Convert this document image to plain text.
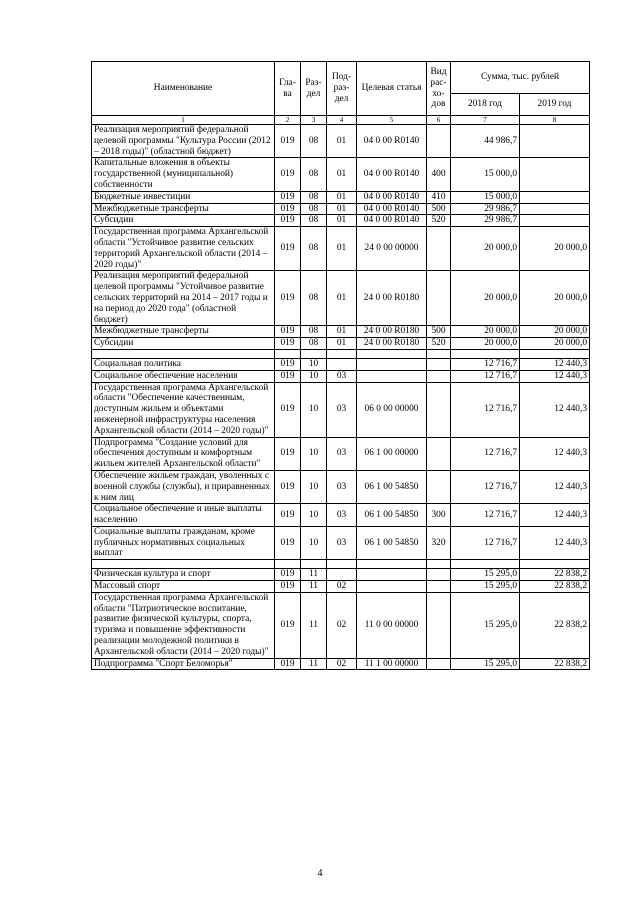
Наименование	Гла-ва	Раз-дел	Под-раз-дел	Целевая статья	Вид рас-хо-дов	Сумма, тыс. рублей	
						2018 год	2019 год
1	2	3	4	5	6	7	8
Реализация мероприятий федеральной целевой программы "Культура России (2012 – 2018 годы)" (областной бюджет)	019	08	01	04 0 00 R0140		44 986,7	
Капитальные вложения в объекты государственной (муниципальной) собственности	019	08	01	04 0 00 R0140	400	15 000,0	
Бюджетные инвестиции	019	08	01	04 0 00 R0140	410	15 000,0	
Межбюджетные трансферты	019	08	01	04 0 00 R0140	500	29 986,7	
Субсидии	019	08	01	04 0 00 R0140	520	29 986,7	
Государственная программа Архангельской области "Устойчивое развитие сельских территорий Архангельской области (2014 – 2020 годы)"	019	08	01	24 0 00 00000		20 000,0	20 000,0
Реализация мероприятий федеральной целевой программы "Устойчивое развитие сельских территорий на 2014 – 2017 годы и на период до 2020 года" (областной бюджет)	019	08	01	24 0 00 R0180		20 000,0	20 000,0
Межбюджетные трансферты	019	08	01	24 0 00 R0180	500	20 000,0	20 000,0
Субсидии	019	08	01	24 0 00 R0180	520	20 000,0	20 000,0

Социальная политика	019	10				12 716,7	12 440,3
Социальное обеспечение населения	019	10	03			12 716,7	12 440,3
Государственная программа Архангельской области "Обеспечение качественным, доступным жильем и объектами инженерной инфраструктуры населения Архангельской области (2014 – 2020 годы)"	019	10	03	06 0 00 00000		12 716,7	12 440,3
Подпрограмма "Создание условий для обеспечения доступным и комфортным жильем жителей Архангельской области"	019	10	03	06 1 00 00000		12 716,7	12 440,3
Обеспечение жильем граждан, уволенных с военной службы (службы), и приравненных к ним лиц	019	10	03	06 1 00 54850		12 716,7	12 440,3
Социальное обеспечение и иные выплаты населению	019	10	03	06 1 00 54850	300	12 716,7	12 440,3
Социальные выплаты гражданам, кроме публичных нормативных социальных выплат	019	10	03	06 1 00 54850	320	12 716,7	12 440,3

Физическая культура и спорт	019	11				15 295,0	22 838,2
Массовый спорт	019	11	02			15 295,0	22 838,2
Государственная программа Архангельской области "Патриотическое воспитание, развитие физической культуры, спорта, туризма и повышение эффективности реализации молодежной политики в Архангельской области (2014 – 2020 годы)"	019	11	02	11 0 00 00000		15 295,0	22 838,2
Подпрограмма "Спорт Беломорья"	019	11	02	11 1 00 00000		15 295,0	22 838,2
4
